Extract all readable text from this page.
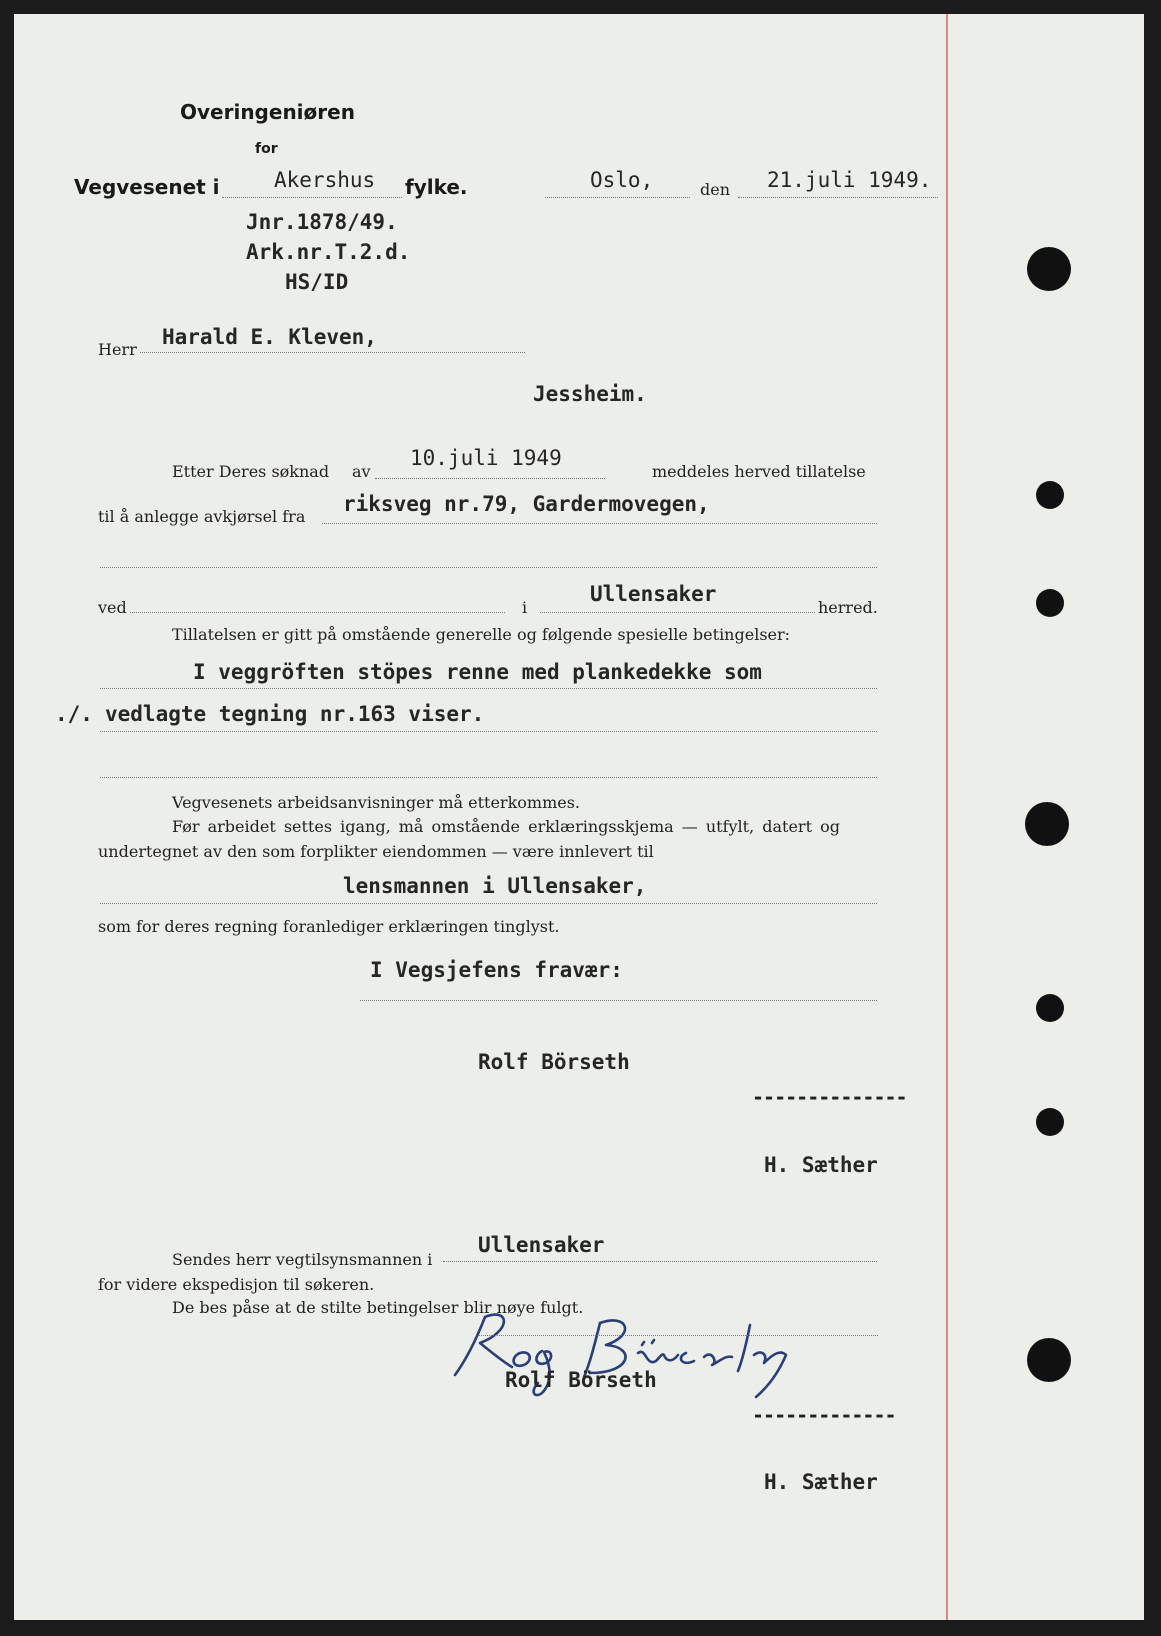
Overingeniøren
for
Vegvesenet i	Akershus fylke.	Oslo,	den 21.juli 1949.
Jnr.1878/49.
Ark.nr.T.2.d.
HS/ID
Herr
Harald E. Kleven,
Jessheim.
Etter Deres søknad av
10.juli 1949
meddeles herved tillatelse
til å anlegge avkjørsel fra
riksveg nr.79, Gardermovegen,
ved	i
Ullensaker
herred.
Tillatelsen er gitt på omstående generelle og følgende spesielle betingelser:
I veggröften stöpes renne med plankedekke som
./. vedlagte tegning nr.163 viser.
Vegvesenets arbeidsanvisninger må etterkommes.
Før arbeidet settes igang, må omstående erklæringsskjema — utfylt, datert og
undertegnet av den som forplikter eiendommen — være innlevert til
lensmannen i Ullensaker,
som for deres regning foranlediger erklæringen tinglyst.
I Vegsjefens fravær:
Rolf Börseth
--------------
H. Sæther
Sendes herr vegtilsynsmannen i
Ullensaker
for videre ekspedisjon til søkeren.
De bes påse at de stilte betingelser blir nøye fulgt.
Rolf Börseth
-------------
H. Sæther
